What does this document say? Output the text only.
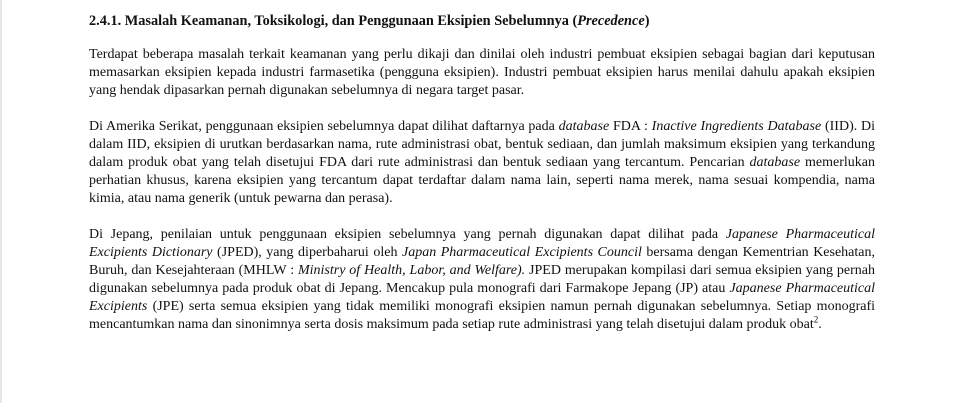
2.4.1. Masalah Keamanan, Toksikologi, dan Penggunaan Eksipien Sebelumnya (Precedence)

Terdapat beberapa masalah terkait keamanan yang perlu dikaji dan dinilai oleh industri pembuat eksipien sebagai bagian dari keputusan memasarkan eksipien kepada industri farmasetika (pengguna eksipien). Industri pembuat eksipien harus menilai dahulu apakah eksipien yang hendak dipasarkan pernah digunakan sebelumnya di negara target pasar.

Di Amerika Serikat, penggunaan eksipien sebelumnya dapat dilihat daftarnya pada database FDA : Inactive Ingredients Database (IID). Di dalam IID, eksipien di urutkan berdasarkan nama, rute administrasi obat, bentuk sediaan, dan jumlah maksimum eksipien yang terkandung dalam produk obat yang telah disetujui FDA dari rute administrasi dan bentuk sediaan yang tercantum. Pencarian database memerlukan perhatian khusus, karena eksipien yang tercantum dapat terdaftar dalam nama lain, seperti nama merek, nama sesuai kompendia, nama kimia, atau nama generik (untuk pewarna dan perasa).

Di Jepang, penilaian untuk penggunaan eksipien sebelumnya yang pernah digunakan dapat dilihat pada Japanese Pharmaceutical Excipients Dictionary (JPED), yang diperbaharui oleh Japan Pharmaceutical Excipients Council bersama dengan Kementrian Kesehatan, Buruh, dan Kesejahteraan (MHLW : Ministry of Health, Labor, and Welfare). JPED merupakan kompilasi dari semua eksipien yang pernah digunakan sebelumnya pada produk obat di Jepang. Mencakup pula monografi dari Farmakope Jepang (JP) atau Japanese Pharmaceutical Excipients (JPE) serta semua eksipien yang tidak memiliki monografi eksipien namun pernah digunakan sebelumnya. Setiap monografi mencantumkan nama dan sinonimnya serta dosis maksimum pada setiap rute administrasi yang telah disetujui dalam produk obat$^2$.
